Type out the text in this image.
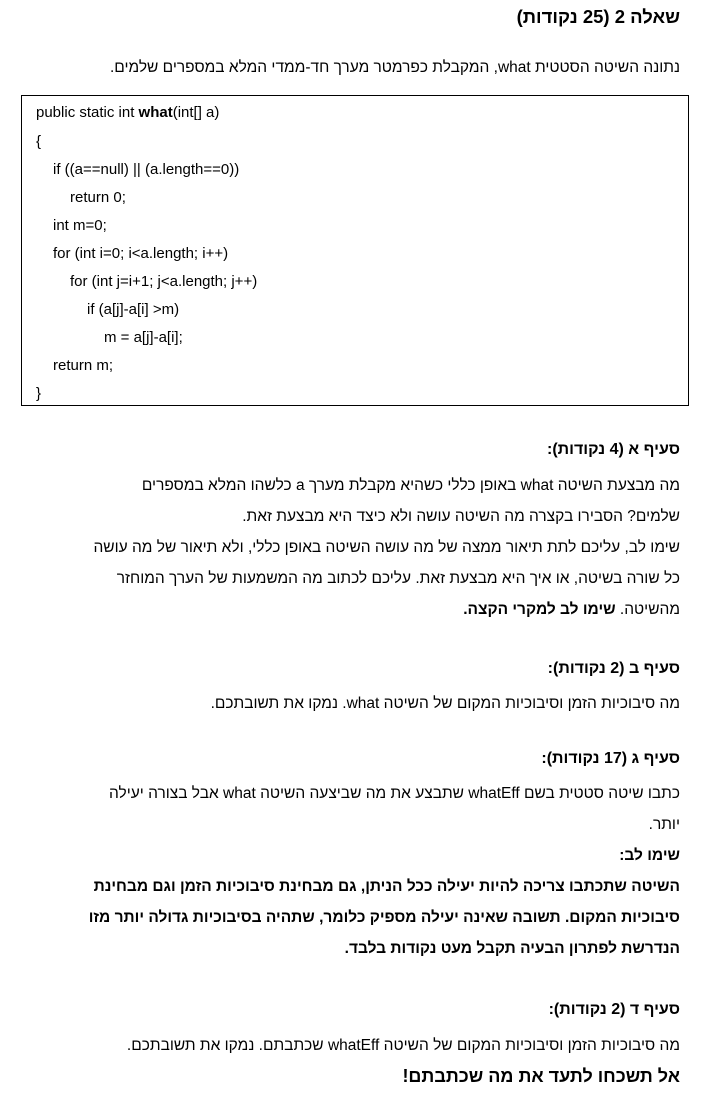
שאלה 2 (25 נקודות)

נתונה השיטה הסטטית what, המקבלת כפרמטר מערך חד-ממדי המלא במספרים שלמים.

public static int what(int[] a)
{
if ((a==null) || (a.length==0))
return 0;
int m=0;
for (int i=0; i<a.length; i++)
for (int j=i+1; j<a.length; j++)
if (a[j]-a[i] >m)
m = a[j]-a[i];
return m;
}
סעיף א (4 נקודות):

מה מבצעת השיטה what באופן כללי כשהיא מקבלת מערך a כלשהו המלא במספרים

שלמים? הסבירו בקצרה מה השיטה עושה ולא כיצד היא מבצעת זאת.

שימו לב, עליכם לתת תיאור ממצה של מה עושה השיטה באופן כללי, ולא תיאור של מה עושה

כל שורה בשיטה, או איך היא מבצעת זאת. עליכם לכתוב מה המשמעות של הערך המוחזר

מהשיטה. שימו לב למקרי הקצה.

סעיף ב (2 נקודות):

מה סיבוכיות הזמן וסיבוכיות המקום של השיטה what. נמקו את תשובתכם.

סעיף ג (17 נקודות):

כתבו שיטה סטטית בשם whatEff שתבצע את מה שביצעה השיטה what אבל בצורה יעילה

יותר.

שימו לב:

השיטה שתכתבו צריכה להיות יעילה ככל הניתן, גם מבחינת סיבוכיות הזמן וגם מבחינת

סיבוכיות המקום. תשובה שאינה יעילה מספיק כלומר, שתהיה בסיבוכיות גדולה יותר מזו

הנדרשת לפתרון הבעיה תקבל מעט נקודות בלבד.

סעיף ד (2 נקודות):

מה סיבוכיות הזמן וסיבוכיות המקום של השיטה whatEff שכתבתם. נמקו את תשובתכם.

אל תשכחו לתעד את מה שכתבתם!
